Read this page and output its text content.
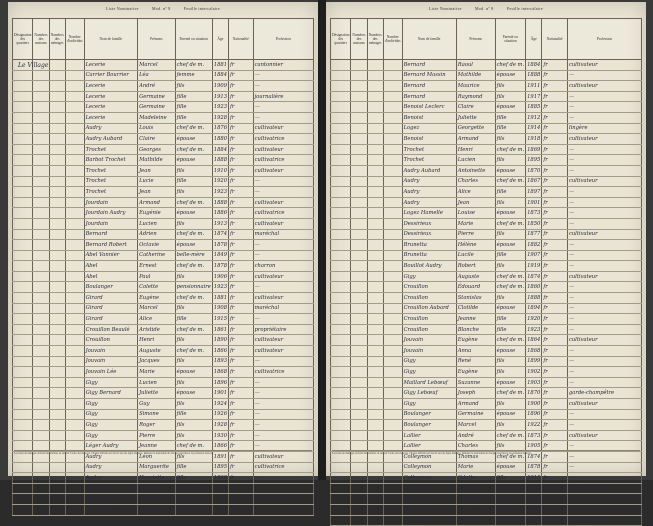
Liste Nominative	Mod. nº 8	Feuille intercalaire
Désignation des quartiers	Numéros des maisons	Numéros des ménages	Nombre d'individus	Nom de famille	Prénoms	Parenté ou situation	Âge	Nationalité	Profession
				Lecerie	Marcel	chef de m.	1881	fr	cantonnier
				Carrier Bourrier	Léa	femme	1884	fr	—
				Lecerie	André	fils	1909	fr	—
				Lecerie	Germaine	fille	1913	fr	journalière
				Lecerie	Germaine	fille	1923	fr	—
				Lecerie	Madeleine	fille	1928	fr	—
				Audry	Louis	chef de m.	1876	fr	cultivateur
				Audry Aubard	Claire	épouse	1880	fr	cultivatrice
				Trochet	Georges	chef de m.	1884	fr	cultivateur
				Barbot Trochet	Mathilde	épouse	1888	fr	cultivatrice
				Trochet	Jean	fils	1910	fr	cultivateur
				Trochet	Lucie	fille	1920	fr	—
				Trochet	Jean	fils	1923	fr	—
				Jourdain	Armand	chef de m.	1888	fr	cultivateur
				Jourdain Audry	Eugénie	épouse	1886	fr	cultivatrice
				Jourdain	Lucien	fils	1913	fr	cultivateur
				Bernard	Adrien	chef de m.	1874	fr	maréchal
				Bernard Robert	Octavie	épouse	1878	fr	—
				Abel Vannier	Catherine	belle-mère	1849	fr	—
				Abel	Ernest	chef de m.	1878	fr	charron
				Abel	Paul	fils	1906	fr	cultivateur
				Boulanger	Colette	pensionnaire	1923	fr	—
				Girard	Eugène	chef de m.	1881	fr	cultivateur
				Girard	Marcel	fils	1908	fr	maréchal
				Girard	Alice	fille	1915	fr	—
				Crouillon Beaulé	Aristide	chef de m.	1861	fr	propriétaire
				Crouillon	Henri	fils	1890	fr	cultivateur
				Jouvain	Auguste	chef de m.	1866	fr	cultivateur
				Jouvain	Jacques	fils	1893	fr	—
				Jouvain Lée	Marie	épouse	1868	fr	cultivatrice
				Gigy	Lucien	fils	1896	fr	—
				Gigy Bernard	Juliette	épouse	1901	fr	—
				Gigy	Guy	fils	1924	fr	—
				Gigy	Simone	fille	1926	fr	—
				Gigy	Roger	fils	1928	fr	—
				Gigy	Pierre	fils	1930	fr	—
				Léger Audry	Jeanne	chef de m.	1866	fr	—
				Audry	Léon	fils	1891	fr	cultivateur
				Audry	Marguerite	fille	1895	fr	cultivatrice
				Audry	Henriette	fille	1898	fr	—
				Audry	Robert	petit-fils	1920	fr	—
				Guillaume	Eugène	chef de m.	1864	fr	cultivateur
				Guillaume Gendre	Angèle	épouse	1866	fr	—
Le Village
Les listes de ménages doivent être établies en suivant l'ordre des maisons. Chaque individu est inscrit sur une ligne distincte. Indiquer la nationalité de chaque personne et la profession exercée.
Liste Nominative	Mod. nº 8	Feuille intercalaire
Désignation des quartiers	Numéros des maisons	Numéros des ménages	Nombre d'individus	Nom de famille	Prénoms	Parenté ou situation	Âge	Nationalité	Profession
				Bernard	Raoul	chef de m.	1884	fr	cultivateur
				Bernard Massin	Mathilde	épouse	1888	fr	—
				Bernard	Maurice	fils	1911	fr	cultivateur
				Bernard	Raymond	fils	1917	fr	—
				Benoist Leclerc	Claire	épouse	1885	fr	—
				Benoist	Juliette	fille	1912	fr	—
				Logez	Georgette	fille	1914	fr	lingère
				Benoist	Armand	fils	1918	fr	cultivateur
				Trochet	Henri	chef de m.	1869	fr	—
				Trochet	Lucien	fils	1895	fr	—
				Audry Aubard	Antoinette	épouse	1870	fr	—
				Audry	Charles	chef de m.	1867	fr	cultivateur
				Audry	Alice	fille	1897	fr	—
				Audry	Jean	fils	1901	fr	—
				Logez Hamelle	Louise	épouse	1873	fr	—
				Dessirieux	Marie	chef de m.	1850	fr	—
				Dessirieux	Pierre	fils	1877	fr	cultivateur
				Brunetta	Hélène	épouse	1882	fr	—
				Brunetta	Lucile	fille	1907	fr	—
				Bouillot Audry	Robert	fils	1919	fr	—
				Gigy	Auguste	chef de m.	1874	fr	cultivateur
				Crouillon	Édouard	chef de m.	1860	fr	—
				Crouillon	Stanislas	fils	1888	fr	—
				Crouillon Aubard	Clotilde	épouse	1894	fr	—
				Crouillon	Jeanne	fille	1920	fr	—
				Crouillon	Blanche	fille	1923	fr	—
				Jouvain	Eugène	chef de m.	1864	fr	cultivateur
				Jouvain	Anna	épouse	1868	fr	—
				Gigy	René	fils	1899	fr	—
				Gigy	Eugène	fils	1902	fr	—
				Maillard Lebœuf	Suzanne	épouse	1903	fr	—
				Gigy Lebœuf	Joseph	chef de m.	1870	fr	garde-champêtre
				Gigy	Armand	fils	1900	fr	cultivateur
				Boulanger	Germaine	épouse	1896	fr	—
				Boulanger	Marcel	fils	1922	fr	—
				Lallier	André	chef de m.	1873	fr	cultivateur
				Lallier	Charles	fils	1905	fr	—
				Colleymon	Thomas	chef de m.	1874	fr	—
				Colleymon	Marie	épouse	1878	fr	—
				Colleymon	Odette	fille	1915	fr	—
				Lebœuf	Albert	chef de m.	1880	fr	cultivateur
				Lebœuf	Jeanne	fille	1907	fr	—
				Remy	Marcelline	épouse	1865	fr	—
				Trochet	Jules	chef de m.	1896	fr	cultivateur
Les listes de ménages doivent être établies en suivant l'ordre des maisons. Chaque individu est inscrit sur une ligne distincte. Indiquer la nationalité de chaque personne et la profession exercée.
